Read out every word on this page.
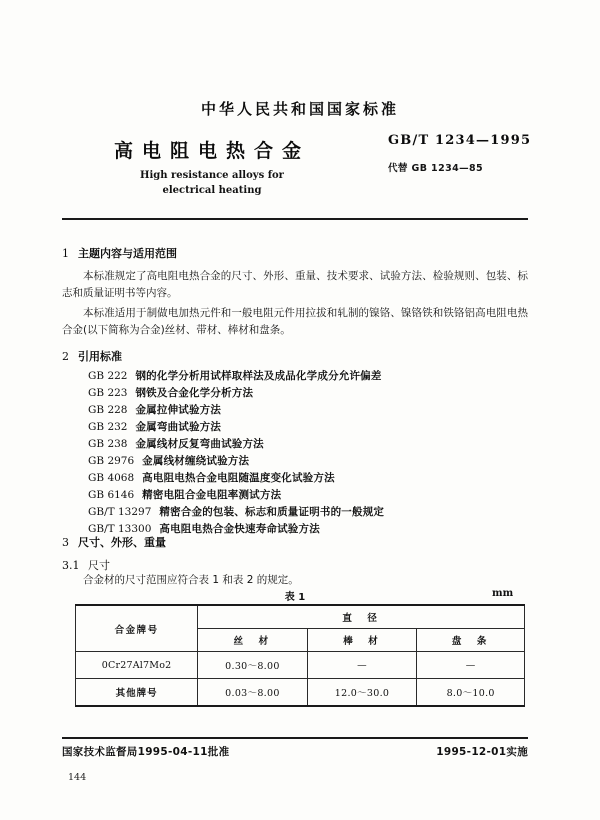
中华人民共和国国家标准
高电阻电热合金
High resistance alloys for
electrical heating
GB/T 1234—1995
代替 GB 1234—85
1 主题内容与适用范围
本标准规定了高电阻电热合金的尺寸、外形、重量、技术要求、试验方法、检验规则、包装、标志和质量证明书等内容。
本标准适用于制做电加热元件和一般电阻元件用拉拔和轧制的镍铬、镍铬铁和铁铬铝高电阻电热合金(以下简称为合金)丝材、带材、棒材和盘条。
2 引用标准
GB 222 钢的化学分析用试样取样法及成品化学成分允许偏差
GB 223 钢铁及合金化学分析方法
GB 228 金属拉伸试验方法
GB 232 金属弯曲试验方法
GB 238 金属线材反复弯曲试验方法
GB 2976 金属线材缠绕试验方法
GB 4068 高电阻电热合金电阻随温度变化试验方法
GB 6146 精密电阻合金电阻率测试方法
GB/T 13297 精密合金的包装、标志和质量证明书的一般规定
GB/T 13300 高电阻电热合金快速寿命试验方法
3 尺寸、外形、重量
3.1 尺寸
合金材的尺寸范围应符合表 1 和表 2 的规定。
表 1	mm
合金牌号	直　径		
	丝　材	棒　材	盘　条
0Cr27Al7Mo2	0.30～8.00	—	—
其他牌号	0.03～8.00	12.0～30.0	8.0～10.0
国家技术监督局1995-04-11批准	1995-12-01实施
144
